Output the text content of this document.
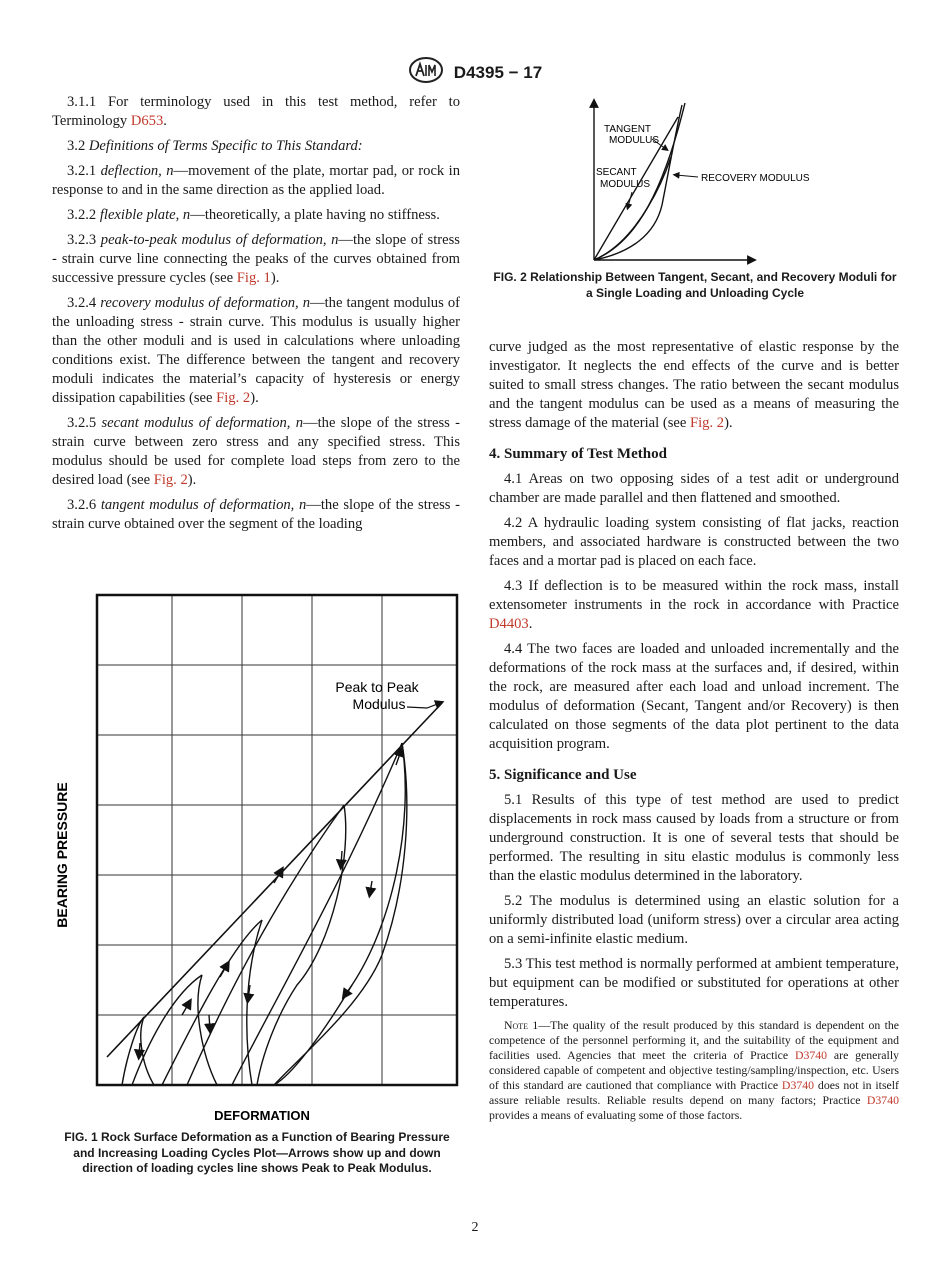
D4395 − 17

3.1.1 For terminology used in this test method, refer to Terminology D653.

3.2 Definitions of Terms Specific to This Standard:

3.2.1 deflection, n—movement of the plate, mortar pad, or rock in response to and in the same direction as the applied load.

3.2.2 flexible plate, n—theoretically, a plate having no stiffness.

3.2.3 peak-to-peak modulus of deformation, n—the slope of stress - strain curve line connecting the peaks of the curves obtained from successive pressure cycles (see Fig. 1).

3.2.4 recovery modulus of deformation, n—the tangent modulus of the unloading stress - strain curve. This modulus is usually higher than the other moduli and is used in calculations where unloading conditions exist. The difference between the tangent and recovery moduli indicates the material’s capacity of hysteresis or energy dissipation capabilities (see Fig. 2).

3.2.5 secant modulus of deformation, n—the slope of the stress - strain curve between zero stress and any specified stress. This modulus should be used for complete load steps from zero to the desired load (see Fig. 2).

3.2.6 tangent modulus of deformation, n—the slope of the stress - strain curve obtained over the segment of the loading

Peak to Peak
Modulus
BEARING PRESSURE
DEFORMATION
FIG. 1 Rock Surface Deformation as a Function of Bearing Pressure and Increasing Loading Cycles Plot—Arrows show up and down direction of loading cycles line shows Peak to Peak Modulus.
TANGENT
MODULUS
SECANT
MODULUS
RECOVERY MODULUS
FIG. 2 Relationship Between Tangent, Secant, and Recovery Moduli for a Single Loading and Unloading Cycle

curve judged as the most representative of elastic response by the investigator. It neglects the end effects of the curve and is better suited to small stress changes. The ratio between the secant modulus and the tangent modulus can be used as a means of measuring the stress damage of the material (see Fig. 2).

4. Summary of Test Method

4.1 Areas on two opposing sides of a test adit or underground chamber are made parallel and then flattened and smoothed.

4.2 A hydraulic loading system consisting of flat jacks, reaction members, and associated hardware is constructed between the two faces and a mortar pad is placed on each face.

4.3 If deflection is to be measured within the rock mass, install extensometer instruments in the rock in accordance with Practice D4403.

4.4 The two faces are loaded and unloaded incrementally and the deformations of the rock mass at the surfaces and, if desired, within the rock, are measured after each load and unload increment. The modulus of deformation (Secant, Tangent and/or Recovery) is then calculated on those segments of the data plot pertinent to the data acquisition program.

5. Significance and Use

5.1 Results of this type of test method are used to predict displacements in rock mass caused by loads from a structure or from underground construction. It is one of several tests that should be performed. The resulting in situ elastic modulus is commonly less than the elastic modulus determined in the laboratory.

5.2 The modulus is determined using an elastic solution for a uniformly distributed load (uniform stress) over a circular area acting on a semi-infinite elastic medium.

5.3 This test method is normally performed at ambient temperature, but equipment can be modified or substituted for operations at other temperatures.

Note 1—The quality of the result produced by this standard is dependent on the competence of the personnel performing it, and the suitability of the equipment and facilities used. Agencies that meet the criteria of Practice D3740 are generally considered capable of competent and objective testing/sampling/inspection, etc. Users of this standard are cautioned that compliance with Practice D3740 does not in itself assure reliable results. Reliable results depend on many factors; Practice D3740 provides a means of evaluating some of those factors.

2
